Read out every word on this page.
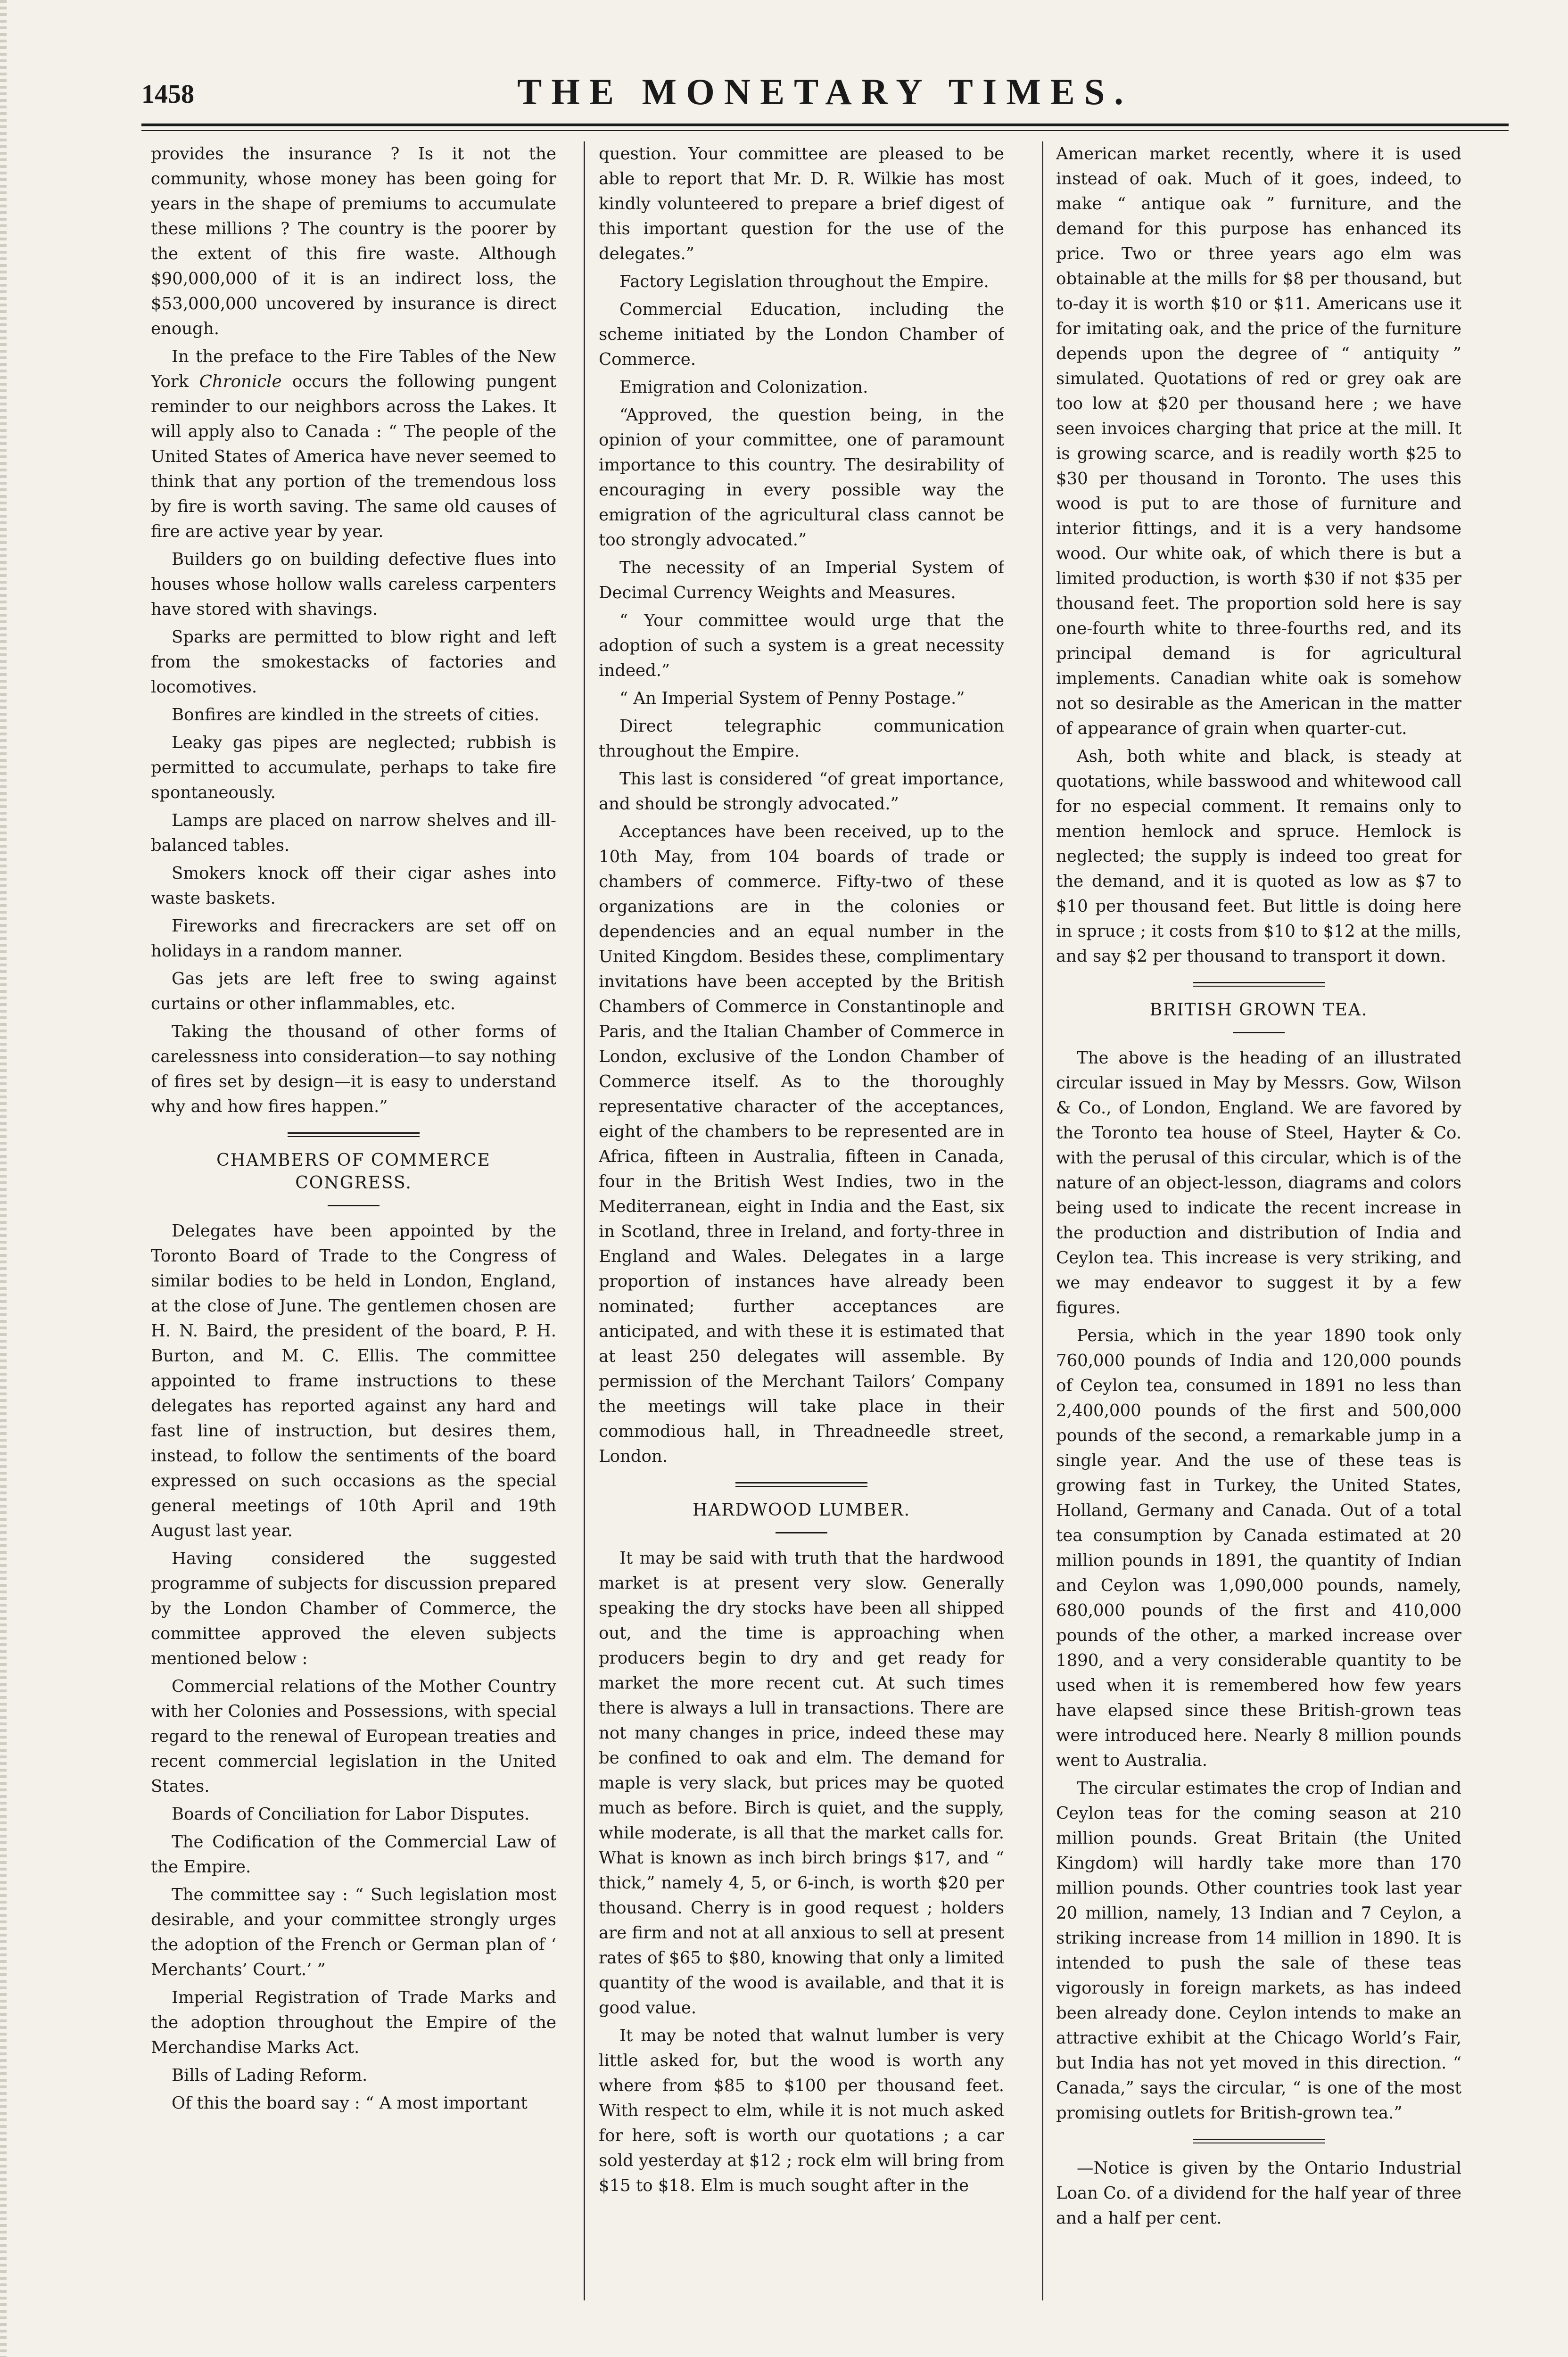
1458	THE MONETARY TIMES.

provides the insurance ? Is it not the community, whose money has been going for years in the shape of premiums to accumulate these millions ? The country is the poorer by the extent of this fire waste. Although $90,000,000 of it is an indirect loss, the $53,000,000 uncovered by insurance is direct enough.

In the preface to the Fire Tables of the New York Chronicle occurs the following pungent reminder to our neighbors across the Lakes. It will apply also to Canada : “ The people of the United States of America have never seemed to think that any portion of the tremendous loss by fire is worth saving. The same old causes of fire are active year by year.

Builders go on building defective flues into houses whose hollow walls careless carpenters have stored with shavings.

Sparks are permitted to blow right and left from the smokestacks of factories and locomotives.

Bonfires are kindled in the streets of cities.

Leaky gas pipes are neglected; rubbish is permitted to accumulate, perhaps to take fire spontaneously.

Lamps are placed on narrow shelves and ill-balanced tables.

Smokers knock off their cigar ashes into waste baskets.

Fireworks and firecrackers are set off on holidays in a random manner.

Gas jets are left free to swing against curtains or other inflammables, etc.

Taking the thousand of other forms of carelessness into consideration—to say nothing of fires set by design—it is easy to understand why and how fires happen.”

CHAMBERS OF COMMERCE CONGRESS.

Delegates have been appointed by the Toronto Board of Trade to the Congress of similar bodies to be held in London, England, at the close of June. The gentlemen chosen are H. N. Baird, the president of the board, P. H. Burton, and M. C. Ellis. The committee appointed to frame instructions to these delegates has reported against any hard and fast line of instruction, but desires them, instead, to follow the sentiments of the board expressed on such occasions as the special general meetings of 10th April and 19th August last year.

Having considered the suggested programme of subjects for discussion prepared by the London Chamber of Commerce, the committee approved the eleven subjects mentioned below :

Commercial relations of the Mother Country with her Colonies and Possessions, with special regard to the renewal of European treaties and recent commercial legislation in the United States.

Boards of Conciliation for Labor Disputes.

The Codification of the Commercial Law of the Empire.

The committee say : “ Such legislation most desirable, and your committee strongly urges the adoption of the French or German plan of ‘ Merchants’ Court.’ ”

Imperial Registration of Trade Marks and the adoption throughout the Empire of the Merchandise Marks Act.

Bills of Lading Reform.

Of this the board say : “ A most important

question. Your committee are pleased to be able to report that Mr. D. R. Wilkie has most kindly volunteered to prepare a brief digest of this important question for the use of the delegates.”

Factory Legislation throughout the Empire.

Commercial Education, including the scheme initiated by the London Chamber of Commerce.

Emigration and Colonization.

“Approved, the question being, in the opinion of your committee, one of paramount importance to this country. The desirability of encouraging in every possible way the emigration of the agricultural class cannot be too strongly advocated.”

The necessity of an Imperial System of Decimal Currency Weights and Measures.

“ Your committee would urge that the adoption of such a system is a great necessity indeed.”

“ An Imperial System of Penny Postage.”

Direct telegraphic communication throughout the Empire.

This last is considered “of great importance, and should be strongly advocated.”

Acceptances have been received, up to the 10th May, from 104 boards of trade or chambers of commerce. Fifty-two of these organizations are in the colonies or dependencies and an equal number in the United Kingdom. Besides these, complimentary invitations have been accepted by the British Chambers of Commerce in Constantinople and Paris, and the Italian Chamber of Commerce in London, exclusive of the London Chamber of Commerce itself. As to the thoroughly representative character of the acceptances, eight of the chambers to be represented are in Africa, fifteen in Australia, fifteen in Canada, four in the British West Indies, two in the Mediterranean, eight in India and the East, six in Scotland, three in Ireland, and forty-three in England and Wales. Delegates in a large proportion of instances have already been nominated; further acceptances are anticipated, and with these it is estimated that at least 250 delegates will assemble. By permission of the Merchant Tailors’ Company the meetings will take place in their commodious hall, in Threadneedle street, London.

HARDWOOD LUMBER.

It may be said with truth that the hardwood market is at present very slow. Generally speaking the dry stocks have been all shipped out, and the time is approaching when producers begin to dry and get ready for market the more recent cut. At such times there is always a lull in transactions. There are not many changes in price, indeed these may be confined to oak and elm. The demand for maple is very slack, but prices may be quoted much as before. Birch is quiet, and the supply, while moderate, is all that the market calls for. What is known as inch birch brings $17, and “ thick,” namely 4, 5, or 6-inch, is worth $20 per thousand. Cherry is in good request ; holders are firm and not at all anxious to sell at present rates of $65 to $80, knowing that only a limited quantity of the wood is available, and that it is good value.

It may be noted that walnut lumber is very little asked for, but the wood is worth any where from $85 to $100 per thousand feet. With respect to elm, while it is not much asked for here, soft is worth our quotations ; a car sold yesterday at $12 ; rock elm will bring from $15 to $18. Elm is much sought after in the

American market recently, where it is used instead of oak. Much of it goes, indeed, to make “ antique oak ” furniture, and the demand for this purpose has enhanced its price. Two or three years ago elm was obtainable at the mills for $8 per thousand, but to-day it is worth $10 or $11. Americans use it for imitating oak, and the price of the furniture depends upon the degree of “ antiquity ” simulated. Quotations of red or grey oak are too low at $20 per thousand here ; we have seen invoices charging that price at the mill. It is growing scarce, and is readily worth $25 to $30 per thousand in Toronto. The uses this wood is put to are those of furniture and interior fittings, and it is a very handsome wood. Our white oak, of which there is but a limited production, is worth $30 if not $35 per thousand feet. The proportion sold here is say one-fourth white to three-fourths red, and its principal demand is for agricultural implements. Canadian white oak is somehow not so desirable as the American in the matter of appearance of grain when quarter-cut.

Ash, both white and black, is steady at quotations, while basswood and whitewood call for no especial comment. It remains only to mention hemlock and spruce. Hemlock is neglected; the supply is indeed too great for the demand, and it is quoted as low as $7 to $10 per thousand feet. But little is doing here in spruce ; it costs from $10 to $12 at the mills, and say $2 per thousand to transport it down.

BRITISH GROWN TEA.

The above is the heading of an illustrated circular issued in May by Messrs. Gow, Wilson & Co., of London, England. We are favored by the Toronto tea house of Steel, Hayter & Co. with the perusal of this circular, which is of the nature of an object-lesson, diagrams and colors being used to indicate the recent increase in the production and distribution of India and Ceylon tea. This increase is very striking, and we may endeavor to suggest it by a few figures.

Persia, which in the year 1890 took only 760,000 pounds of India and 120,000 pounds of Ceylon tea, consumed in 1891 no less than 2,400,000 pounds of the first and 500,000 pounds of the second, a remarkable jump in a single year. And the use of these teas is growing fast in Turkey, the United States, Holland, Germany and Canada. Out of a total tea consumption by Canada estimated at 20 million pounds in 1891, the quantity of Indian and Ceylon was 1,090,000 pounds, namely, 680,000 pounds of the first and 410,000 pounds of the other, a marked increase over 1890, and a very considerable quantity to be used when it is remembered how few years have elapsed since these British-grown teas were introduced here. Nearly 8 million pounds went to Australia.

The circular estimates the crop of Indian and Ceylon teas for the coming season at 210 million pounds. Great Britain (the United Kingdom) will hardly take more than 170 million pounds. Other countries took last year 20 million, namely, 13 Indian and 7 Ceylon, a striking increase from 14 million in 1890. It is intended to push the sale of these teas vigorously in foreign markets, as has indeed been already done. Ceylon intends to make an attractive exhibit at the Chicago World’s Fair, but India has not yet moved in this direction. “ Canada,” says the circular, “ is one of the most promising outlets for British-grown tea.”

—Notice is given by the Ontario Industrial Loan Co. of a dividend for the half year of three and a half per cent.
